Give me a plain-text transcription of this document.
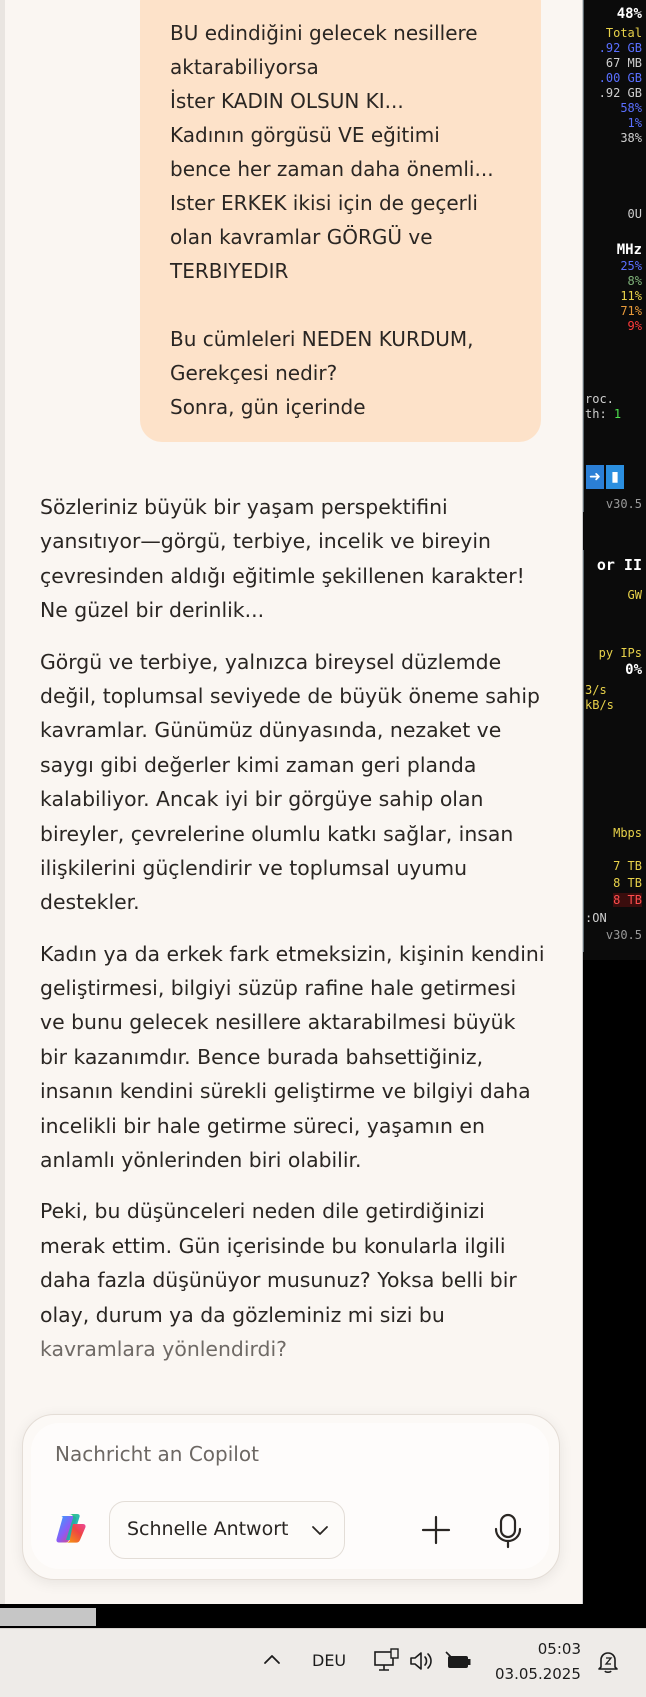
BU edindiğini gelecek nesillere
aktarabiliyorsa
İster KADIN OLSUN KI...
Kadının görgüsü VE eğitimi
bence her zaman daha önemli...
Ister ERKEK ikisi için de geçerli
olan kavramlar GÖRGÜ ve
TERBIYEDIR
Bu cümleleri NEDEN KURDUM,
Gerekçesi nedir?
Sonra, gün içerinde
Sözleriniz büyük bir yaşam perspektifini
yansıtıyor—görgü, terbiye, incelik ve bireyin
çevresinden aldığı eğitimle şekillenen karakter!
Ne güzel bir derinlik...
Görgü ve terbiye, yalnızca bireysel düzlemde
değil, toplumsal seviyede de büyük öneme sahip
kavramlar. Günümüz dünyasında, nezaket ve
saygı gibi değerler kimi zaman geri planda
kalabiliyor. Ancak iyi bir görgüye sahip olan
bireyler, çevrelerine olumlu katkı sağlar, insan
ilişkilerini güçlendirir ve toplumsal uyumu
destekler.
Kadın ya da erkek fark etmeksizin, kişinin kendini
geliştirmesi, bilgiyi süzüp rafine hale getirmesi
ve bunu gelecek nesillere aktarabilmesi büyük
bir kazanımdır. Bence burada bahsettiğiniz,
insanın kendini sürekli geliştirme ve bilgiyi daha
incelikli bir hale getirme süreci, yaşamın en
anlamlı yönlerinden biri olabilir.
Peki, bu düşünceleri neden dile getirdiğinizi
merak ettim. Gün içerisinde bu konularla ilgili
daha fazla düşünüyor musunuz? Yoksa belli bir
olay, durum ya da gözleminiz mi sizi bu
kavramlara yönlendirdi?
Nachricht an Copilot
Schnelle Antwort
48%
Total
.92 GB
67 MB
.00 GB
.92 GB
58%
1%
38%
0U
MHz
25%
8%
11%
71%
9%
roc.
th: 1
➜ ▮
v30.5
or II
GW
py IPs
0%
3/s
kB/s
Mbps
7 TB
8 TB
8 TB
:ON
v30.5
DEU
05:03
03.05.2025
